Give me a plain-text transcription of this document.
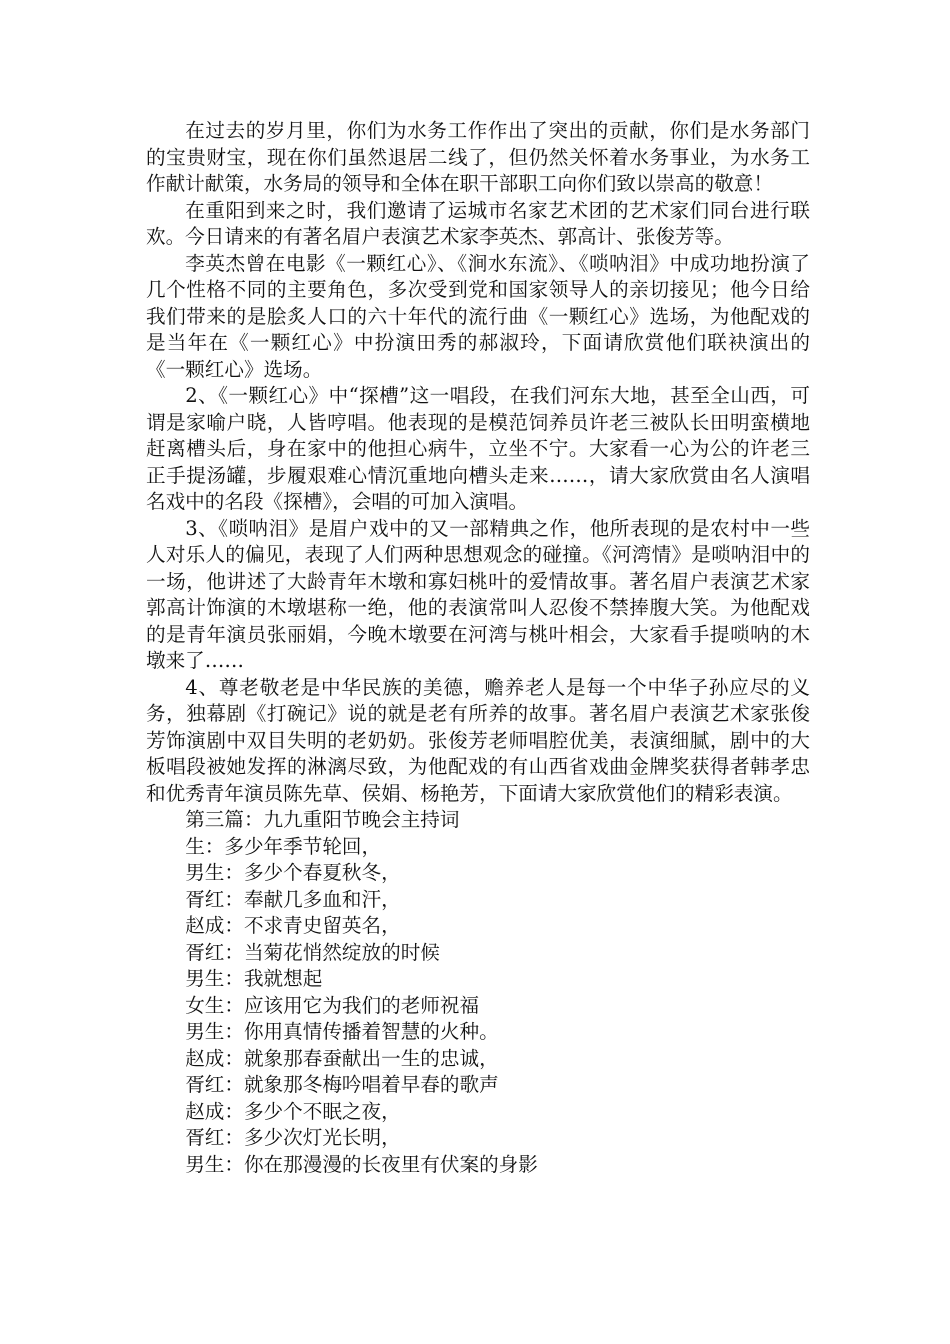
在过去的岁月里，你们为水务工作作出了突出的贡献，你们是水务部门的宝贵财宝，现在你们虽然退居二线了，但仍然关怀着水务事业，为水务工作献计献策，水务局的领导和全体在职干部职工向你们致以崇高的敬意！

在重阳到来之时，我们邀请了运城市名家艺术团的艺术家们同台进行联欢。今日请来的有著名眉户表演艺术家李英杰、郭高计、张俊芳等。

李英杰曾在电影《一颗红心》、《涧水东流》、《唢呐泪》中成功地扮演了几个性格不同的主要角色，多次受到党和国家领导人的亲切接见；他今日给我们带来的是脍炙人口的六十年代的流行曲《一颗红心》选场，为他配戏的是当年在《一颗红心》中扮演田秀的郝淑玲，下面请欣赏他们联袂演出的《一颗红心》选场。

2、《一颗红心》中“探槽”这一唱段，在我们河东大地，甚至全山西，可谓是家喻户晓，人皆哼唱。他表现的是模范饲养员许老三被队长田明蛮横地赶离槽头后，身在家中的他担心病牛，立坐不宁。大家看一心为公的许老三正手提汤罐，步履艰难心情沉重地向槽头走来……，请大家欣赏由名人演唱名戏中的名段《探槽》，会唱的可加入演唱。

3、《唢呐泪》是眉户戏中的又一部精典之作，他所表现的是农村中一些人对乐人的偏见，表现了人们两种思想观念的碰撞。《河湾情》是唢呐泪中的一场，他讲述了大龄青年木墩和寡妇桃叶的爱情故事。著名眉户表演艺术家郭高计饰演的木墩堪称一绝，他的表演常叫人忍俊不禁捧腹大笑。为他配戏的是青年演员张丽娟，今晚木墩要在河湾与桃叶相会，大家看手提唢呐的木墩来了……

4、尊老敬老是中华民族的美德，赡养老人是每一个中华子孙应尽的义务，独幕剧《打碗记》说的就是老有所养的故事。著名眉户表演艺术家张俊芳饰演剧中双目失明的老奶奶。张俊芳老师唱腔优美，表演细腻，剧中的大板唱段被她发挥的淋漓尽致，为他配戏的有山西省戏曲金牌奖获得者韩孝忠和优秀青年演员陈先草、侯娟、杨艳芳，下面请大家欣赏他们的精彩表演。

第三篇：九九重阳节晚会主持词

生：多少年季节轮回，

男生：多少个春夏秋冬，

胥红：奉献几多血和汗，

赵成：不求青史留英名，

胥红：当菊花悄然绽放的时候

男生：我就想起

女生：应该用它为我们的老师祝福

男生：你用真情传播着智慧的火种。

赵成：就象那春蚕献出一生的忠诚，

胥红：就象那冬梅吟唱着早春的歌声

赵成：多少个不眠之夜，

胥红：多少次灯光长明，

男生：你在那漫漫的长夜里有伏案的身影
